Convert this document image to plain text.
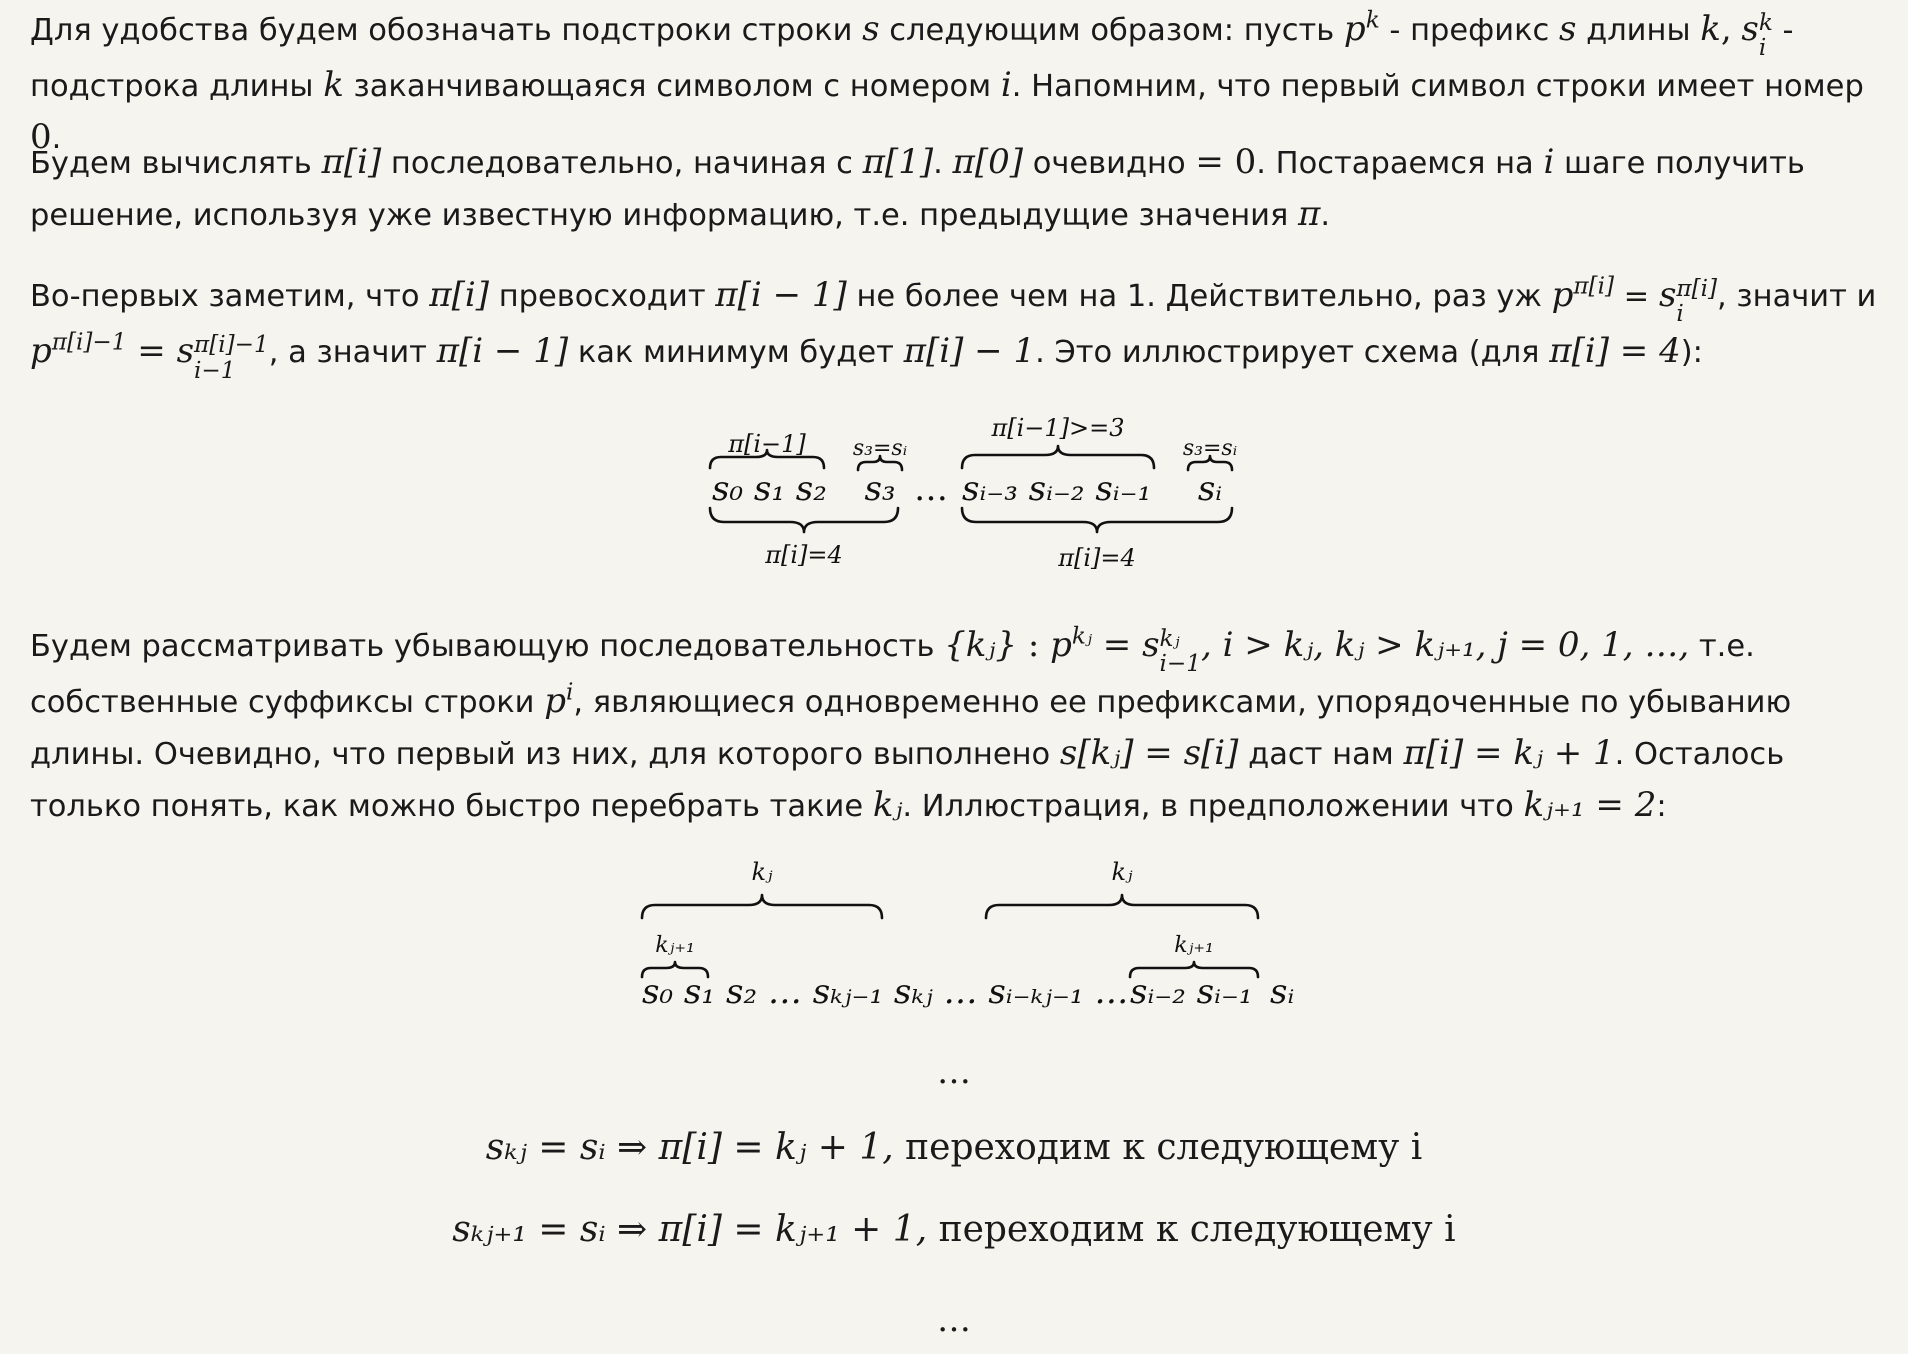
Для удобства будем обозначать подстроки строки s следующим образом: пусть $p^k$ - префикс s длины k, s k
i
- подстрока длины k заканчивающаяся символом с номером i. Напомним, что первый символ строки имеет номер 0.

Будем вычислять π[i] последовательно, начиная с π[1]. π[0] очевидно = 0. Постараемся на i шаге получить решение, используя уже известную информацию, т.е. предыдущие значения π.

Во-первых заметим, что π[i] превосходит π[i − 1] не более чем на 1. Действительно, раз уж $p^{\pi[i]} = s$ π[i]
i
, значит и $p^{\pi[i]-1} = s$ π[i]−1
i−1
, а значит π[i − 1] как минимум будет π[i] − 1. Это иллюстрирует схема (для π[i] = 4):

π[i−1] s₃=sᵢ
π[i−1]>=3
s₃=sᵢ
π[i]=4	π[i]=4
s₀ s₁ s₂ s₃ … sᵢ₋₃ sᵢ₋₂ sᵢ₋₁ sᵢ

Будем рассматривать убывающую последовательность {kⱼ} : $p^{kⱼ} = s$ kⱼ
i−1 , i > kⱼ, kⱼ > kⱼ₊₁, j = 0, 1, …, т.е. собственные суффиксы строки $p^i$, являющиеся одновременно ее префиксами, упорядоченные по убыванию длины. Очевидно, что первый из них, для которого выполнено s[kⱼ] = s[i] даст нам π[i] = kⱼ + 1. Осталось только понять, как можно быстро перебрать такие kⱼ. Иллюстрация, в предположении что kⱼ₊₁ = 2:

kⱼ	kⱼ
kⱼ₊₁	kⱼ₊₁
s₀ s₁ s₂ … sₖⱼ₋₁ sₖⱼ … sᵢ₋ₖⱼ₋₁ … sᵢ₋₂ sᵢ₋₁ sᵢ
…
sₖⱼ = sᵢ ⇒ π[i] = kⱼ + 1, переходим к следующему i
sₖⱼ₊₁ = sᵢ ⇒ π[i] = kⱼ₊₁ + 1, переходим к следующему i
…
